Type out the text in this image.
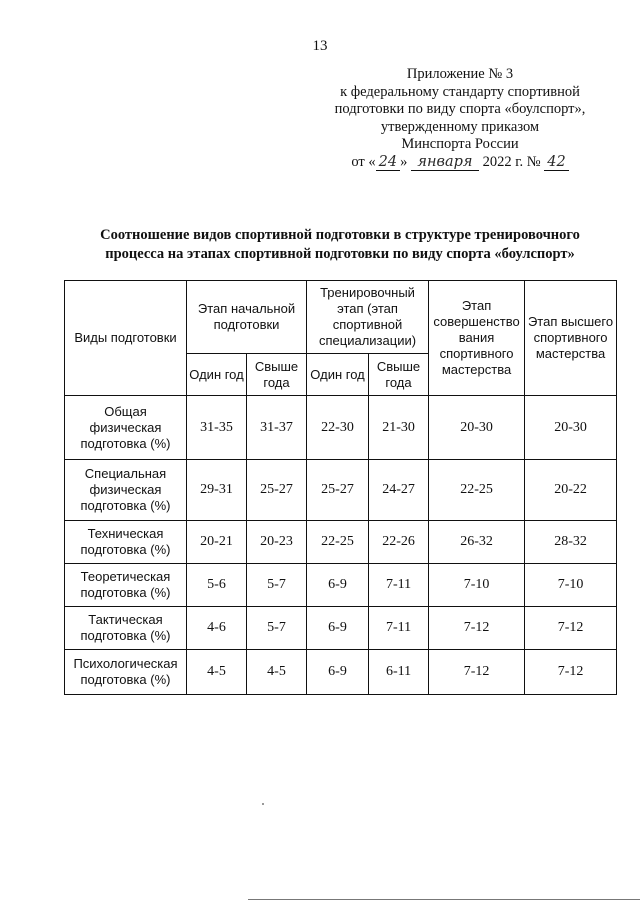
13
Приложение № 3
к федеральному стандарту спортивной
подготовки по виду спорта «боулспорт»,
утвержденному приказом
Минспорта России
от « 24 » января 2022 г. № 42
Соотношение видов спортивной подготовки в структуре тренировочного
процесса на этапах спортивной подготовки по виду спорта «боулспорт»
Виды подготовки	Этап начальной подготовки		Тренировочный этап (этап спортивной специализации)		Этап совершенство вания спортивного мастерства	Этап высшего спортивного мастерства
	Один год	Свыше года	Один год	Свыше года		
Общая физическая подготовка (%)	31-35	31-37	22-30	21-30	20-30	20-30
Специальная физическая подготовка (%)	29-31	25-27	25-27	24-27	22-25	20-22
Техническая подготовка (%)	20-21	20-23	22-25	22-26	26-32	28-32
Теоретическая подготовка (%)	5-6	5-7	6-9	7-11	7-10	7-10
Тактическая подготовка (%)	4-6	5-7	6-9	7-11	7-12	7-12
Психологическая подготовка (%)	4-5	4-5	6-9	6-11	7-12	7-12
